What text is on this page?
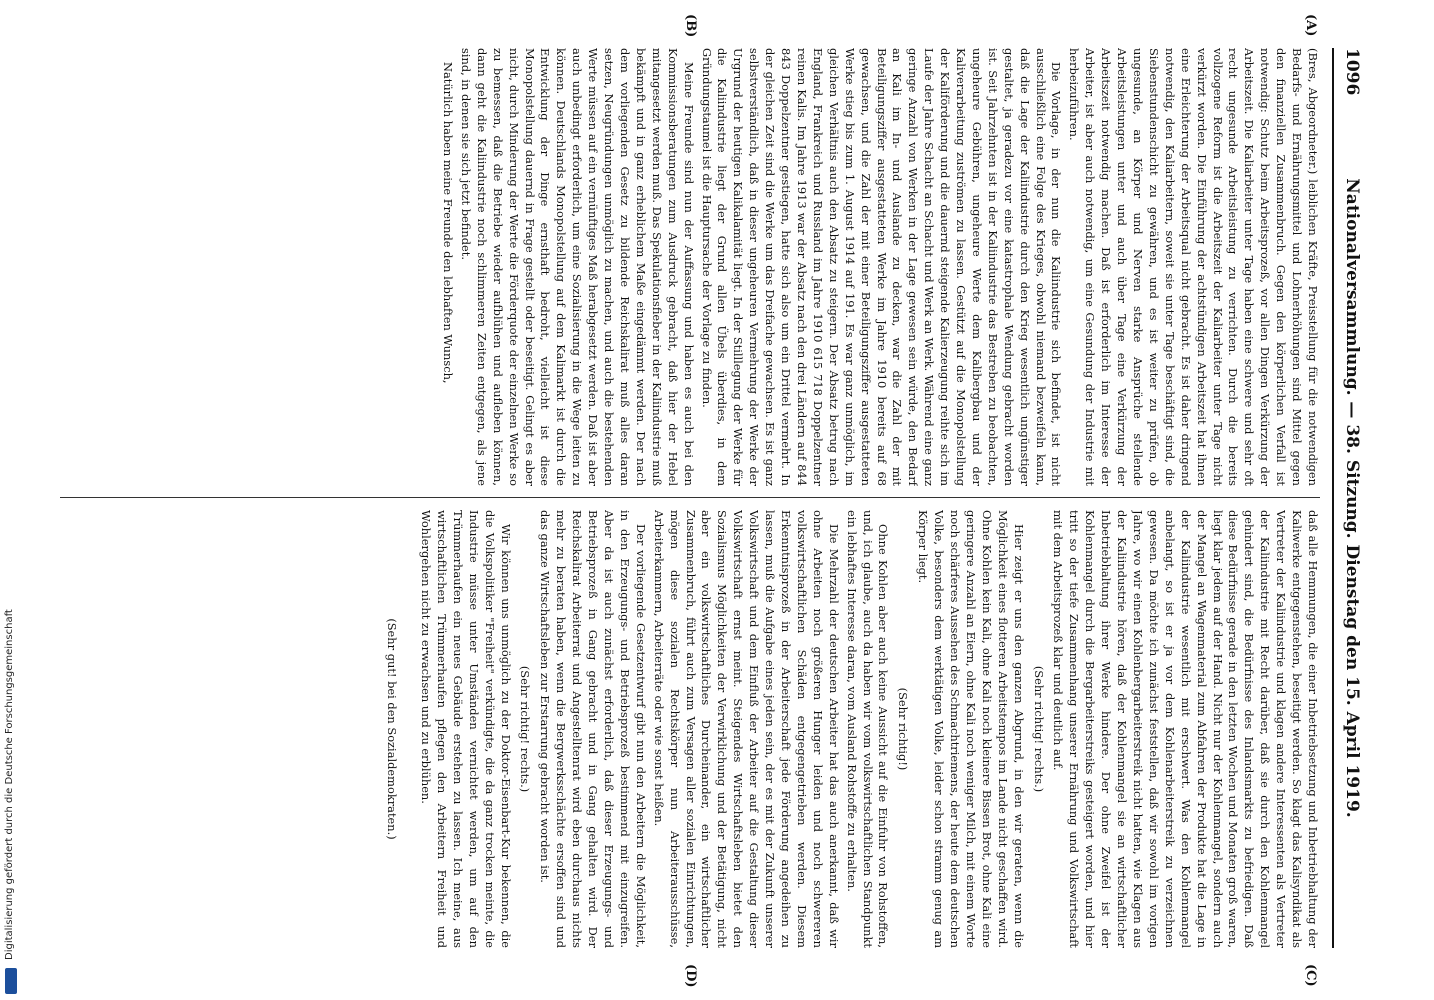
Digitalisierung gefördert durch die Deutsche Forschungsgemeinschaft
1096
Nationalversammlung. — 38. Sitzung. Dienstag den 15. April 1919.
(A)
(B)
(C)
(D)

(Bres, Abgeordneter.) leiblichen Kräfte, Preisstellung für die notwendigen Bedarfs- und Ernährungsmittel und Lohnerhöhungen sind Mittel gegen den finanziellen Zusammenbruch. Gegen den körperlichen Verfall ist notwendig: Schutz beim Arbeitsprozeß, vor allen Dingen Verkürzung der Arbeitszeit. Die Kaliarbeiter unter Tage haben eine schwere und sehr oft recht ungesunde Arbeitsleistung zu verrichten. Durch die bereits vollzogene Reform ist die Arbeitszeit der Kaliarbeiter unter Tage nicht verkürzt worden. Die Einführung der achtstündigen Arbeitszeit hat ihnen eine Erleichterung der Arbeitsqual nicht gebracht. Es ist daher dringend notwendig, den Kaliarbeitern, soweit sie unter Tage beschäftigt sind, die Siebenstundenschicht zu gewähren, und es ist weiter zu prüfen, ob ungesunde, an Körper und Nerven starke Ansprüche stellende Arbeitsleistungen unter und auch über Tage eine Verkürzung der Arbeitszeit notwendig machen. Daß ist erforderlich im Interesse der Arbeiter, ist aber auch notwendig, um eine Gesundung der Industrie mit herbeizuführen.

Die Vorlage, in der nun die Kaliindustrie sich befindet, ist nicht ausschließlich eine Folge des Krieges, obwohl niemand bezweifeln kann, daß die Lage der Kaliindustrie durch den Krieg wesentlich ungünstiger gestaltet, ja geradezu vor eine katastrophale Wendung gebracht worden ist. Seit Jahrzehnten ist in der Kaliindustrie das Bestreben zu beobachten, ungeheure Gebühren, ungeheure Werte dem Kalibergbau und der Kaliverarbeitung zuströmen zu lassen. Gestützt auf die Monopolstellung der Kaliförderung und die dauernd steigende Kalierzeugung reihte sich im Laufe der Jahre Schacht an Schacht und Werk an Werk. Während eine ganz geringe Anzahl von Werken in der Lage gewesen sein würde, den Bedarf an Kali im In- und Auslande zu decken, war die Zahl der mit Beteiligungsziffer ausgestatteten Werke im Jahre 1910 bereits auf 68 gewachsen, und die Zahl der mit einer Beteiligungsziffer ausgestatteten Werke stieg bis zum 1. August 1914 auf 191. Es war ganz unmöglich, im gleichen Verhältnis auch den Absatz zu steigern. Der Absatz betrug nach England, Frankreich und Russland im Jahre 1910 615 718 Doppelzentner reinen Kalis. Im Jahre 1913 war der Absatz nach den drei Ländern auf 844 843 Doppelzentner gestiegen, hatte sich also um ein Drittel vermehrt. In der gleichen Zeit sind die Werke um das Dreifache gewachsen. Es ist ganz selbstverständlich, daß in dieser ungeheuren Vermehrung der Werke der Urgrund der heutigen Kalikalamität liegt. In der Stilllegung der Werke für die Kaliindustrie liegt der Grund allen Übels überdies, in dem Gründungstaumel ist die Hauptursache der Vorlage zu finden.

Meine Freunde sind nun der Auffassung und haben es auch bei den Kommissionsberatungen zum Ausdruck gebracht, daß hier der Hebel mitangesetzt werden muß. Das Spekulationsfieber in der Kaliindustrie muß bekämpft und in ganz erheblichem Maße eingedämmt werden. Der nach dem vorliegenden Gesetz zu bildende Reichskalirat muß alles daran setzen, Neugründungen unmöglich zu machen, und auch die bestehenden Werte müssen auf ein vernünftiges Maß herabgesetzt werden. Daß ist aber auch unbedingt erforderlich, um eine Sozialisierung in die Wege leiten zu können. Deutschlands Monopolstellung auf dem Kalimarkt ist durch die Entwicklung der Dinge ernsthaft bedroht, vielleicht ist diese Monopolstellung dauernd in Frage gestellt oder beseitigt. Gelingt es aber nicht, durch Minderung der Werte die Förderquote der einzelnen Werke so zu bemessen, daß die Betriebe wieder aufblühen und aufleben können, dann geht die Kaliindustrie noch schlimmeren Zeiten entgegen, als jene sind, in denen sie sich jetzt befindet.

Natürlich haben meine Freunde den lebhaften Wunsch,

daß alle Hemmungen, die einer Inbetriebsetzung und Inbetriebhaltung der Kaliwerke entgegenstehen, beseitigt werden. So klagt das Kalisyndikat als Vertreter der Kaliindustrie und klagen andere Interessenten als Vertreter der Kaliindustrie mit Recht darüber, daß sie durch den Kohlenmangel gehindert sind, die Bedürfnisse des Inlandsmarkts zu befriedigen. Daß diese Bedürfnisse gerade in den letzten Wochen und Monaten groß waren, liegt klar jedem auf der Hand. Nicht nur der Kohlenmangel, sondern auch der Mangel an Wagenmaterial zum Abfahren der Produkte hat die Lage in der Kaliindustrie wesentlich mit erschwert. Was den Kohlenmangel anbelangt, so ist er ja vor dem Kohlenarbeiterstreik zu verzeichnen gewesen. Da möchte ich zunächst feststellen, daß wir sowohl im vorigen Jahre, wo wir einen Kohlenbergarbeiterstreik nicht hatten, wie Klagen aus der Kaliindustrie hören, daß der Kohlenmangel sie an wirtschaftlicher Inbetriebhaltung ihrer Werke hindere. Der ohne Zweifel ist der Kohlenmangel durch die Bergarbeiterstreiks gesteigert worden, und hier tritt so der tiefe Zusammenhang unserer Ernährung und Volkswirtschaft mit dem Arbeitsprozeß klar und deutlich auf.

(Sehr richtig! rechts.)

Hier zeigt er uns den ganzen Abgrund, in den wir geraten, wenn die Möglichkeit eines flotteren Arbeitstempos im Lande nicht geschaffen wird. Ohne Kohlen kein Kali, ohne Kali noch kleinere Bissen Brot, ohne Kali eine geringere Anzahl an Eiern, ohne Kali noch weniger Milch, mit einem Worte noch schärferes Aussehen des Schmachtriemens, der heute dem deutschen Volke, besonders dem werktätigen Volke, leider schon stramm genug am Körper liegt.

(Sehr richtig!)

Ohne Kohlen aber auch keine Aussicht auf die Einfuhr von Rohstoffen, und, ich glaube, auch da haben wir vom volkswirtschaftlichen Standpunkt ein lebhaftes Interesse daran, vom Ausland Rohstoffe zu erhalten.

Die Mehrzahl der deutschen Arbeiter hat das auch anerkannt, daß wir ohne Arbeiten noch größeren Hunger leiden und noch schwereren volkswirtschaftlichen Schäden entgegengetrieben werden. Diesem Erkenntnisprozeß in der Arbeiterschaft jede Förderung angedeihen zu lassen, muß die Aufgabe eines jeden sein, der es mit der Zukunft unserer Volkswirtschaft und dem Einfluß der Arbeiter auf die Gestaltung dieser Volkswirtschaft ernst meint. Steigendes Wirtschaftsleben bietet den Sozialismus Möglichkeiten der Verwirklichung und der Betätigung, nicht aber ein volkswirtschaftliches Durcheinander, ein wirtschaftlicher Zusammenbruch, führt auch zum Versagen aller sozialen Einrichtungen, mögen diese sozialen Rechtskörper nun Arbeiterausschüsse, Arbeiterkammern, Arbeiterräte oder wie sonst heißen.

Der vorliegende Gesetzentwurf gibt nun den Arbeitern die Möglichkeit, in den Erzeugungs- und Betriebsprozeß bestimmend mit einzugreifen. Aber da ist auch zunächst erforderlich, daß dieser Erzeugungs- und Betriebsprozeß in Gang gebracht und in Gang gehalten wird. Der Reichskalirat Arbeiterrat und Angestelltenrat wird eben durchaus nichts mehr zu beraten haben, wenn die Bergwerksschächte ersoffen sind und das ganze Wirtschaftsleben zur Erstarrung gebracht worden ist.

(Sehr richtig! rechts.)

Wir können uns unmöglich zu der Doktor-Eisenbart-Kur bekennen, die die Volkspolitiker "Freiheit" verkündigte, die da ganz trocken meinte, die Industrie müsse unter Umständen vernichtet werden, um auf den Trümmerhaufen ein neues Gebäude erstehen zu lassen. Ich meine, aus wirtschaftlichen Trümmerhaufen pflegen den Arbeitern Freiheit und Wohlergehen nicht zu erwachsen und zu erblühen.

(Sehr gut! bei den Sozialdemokraten.)
